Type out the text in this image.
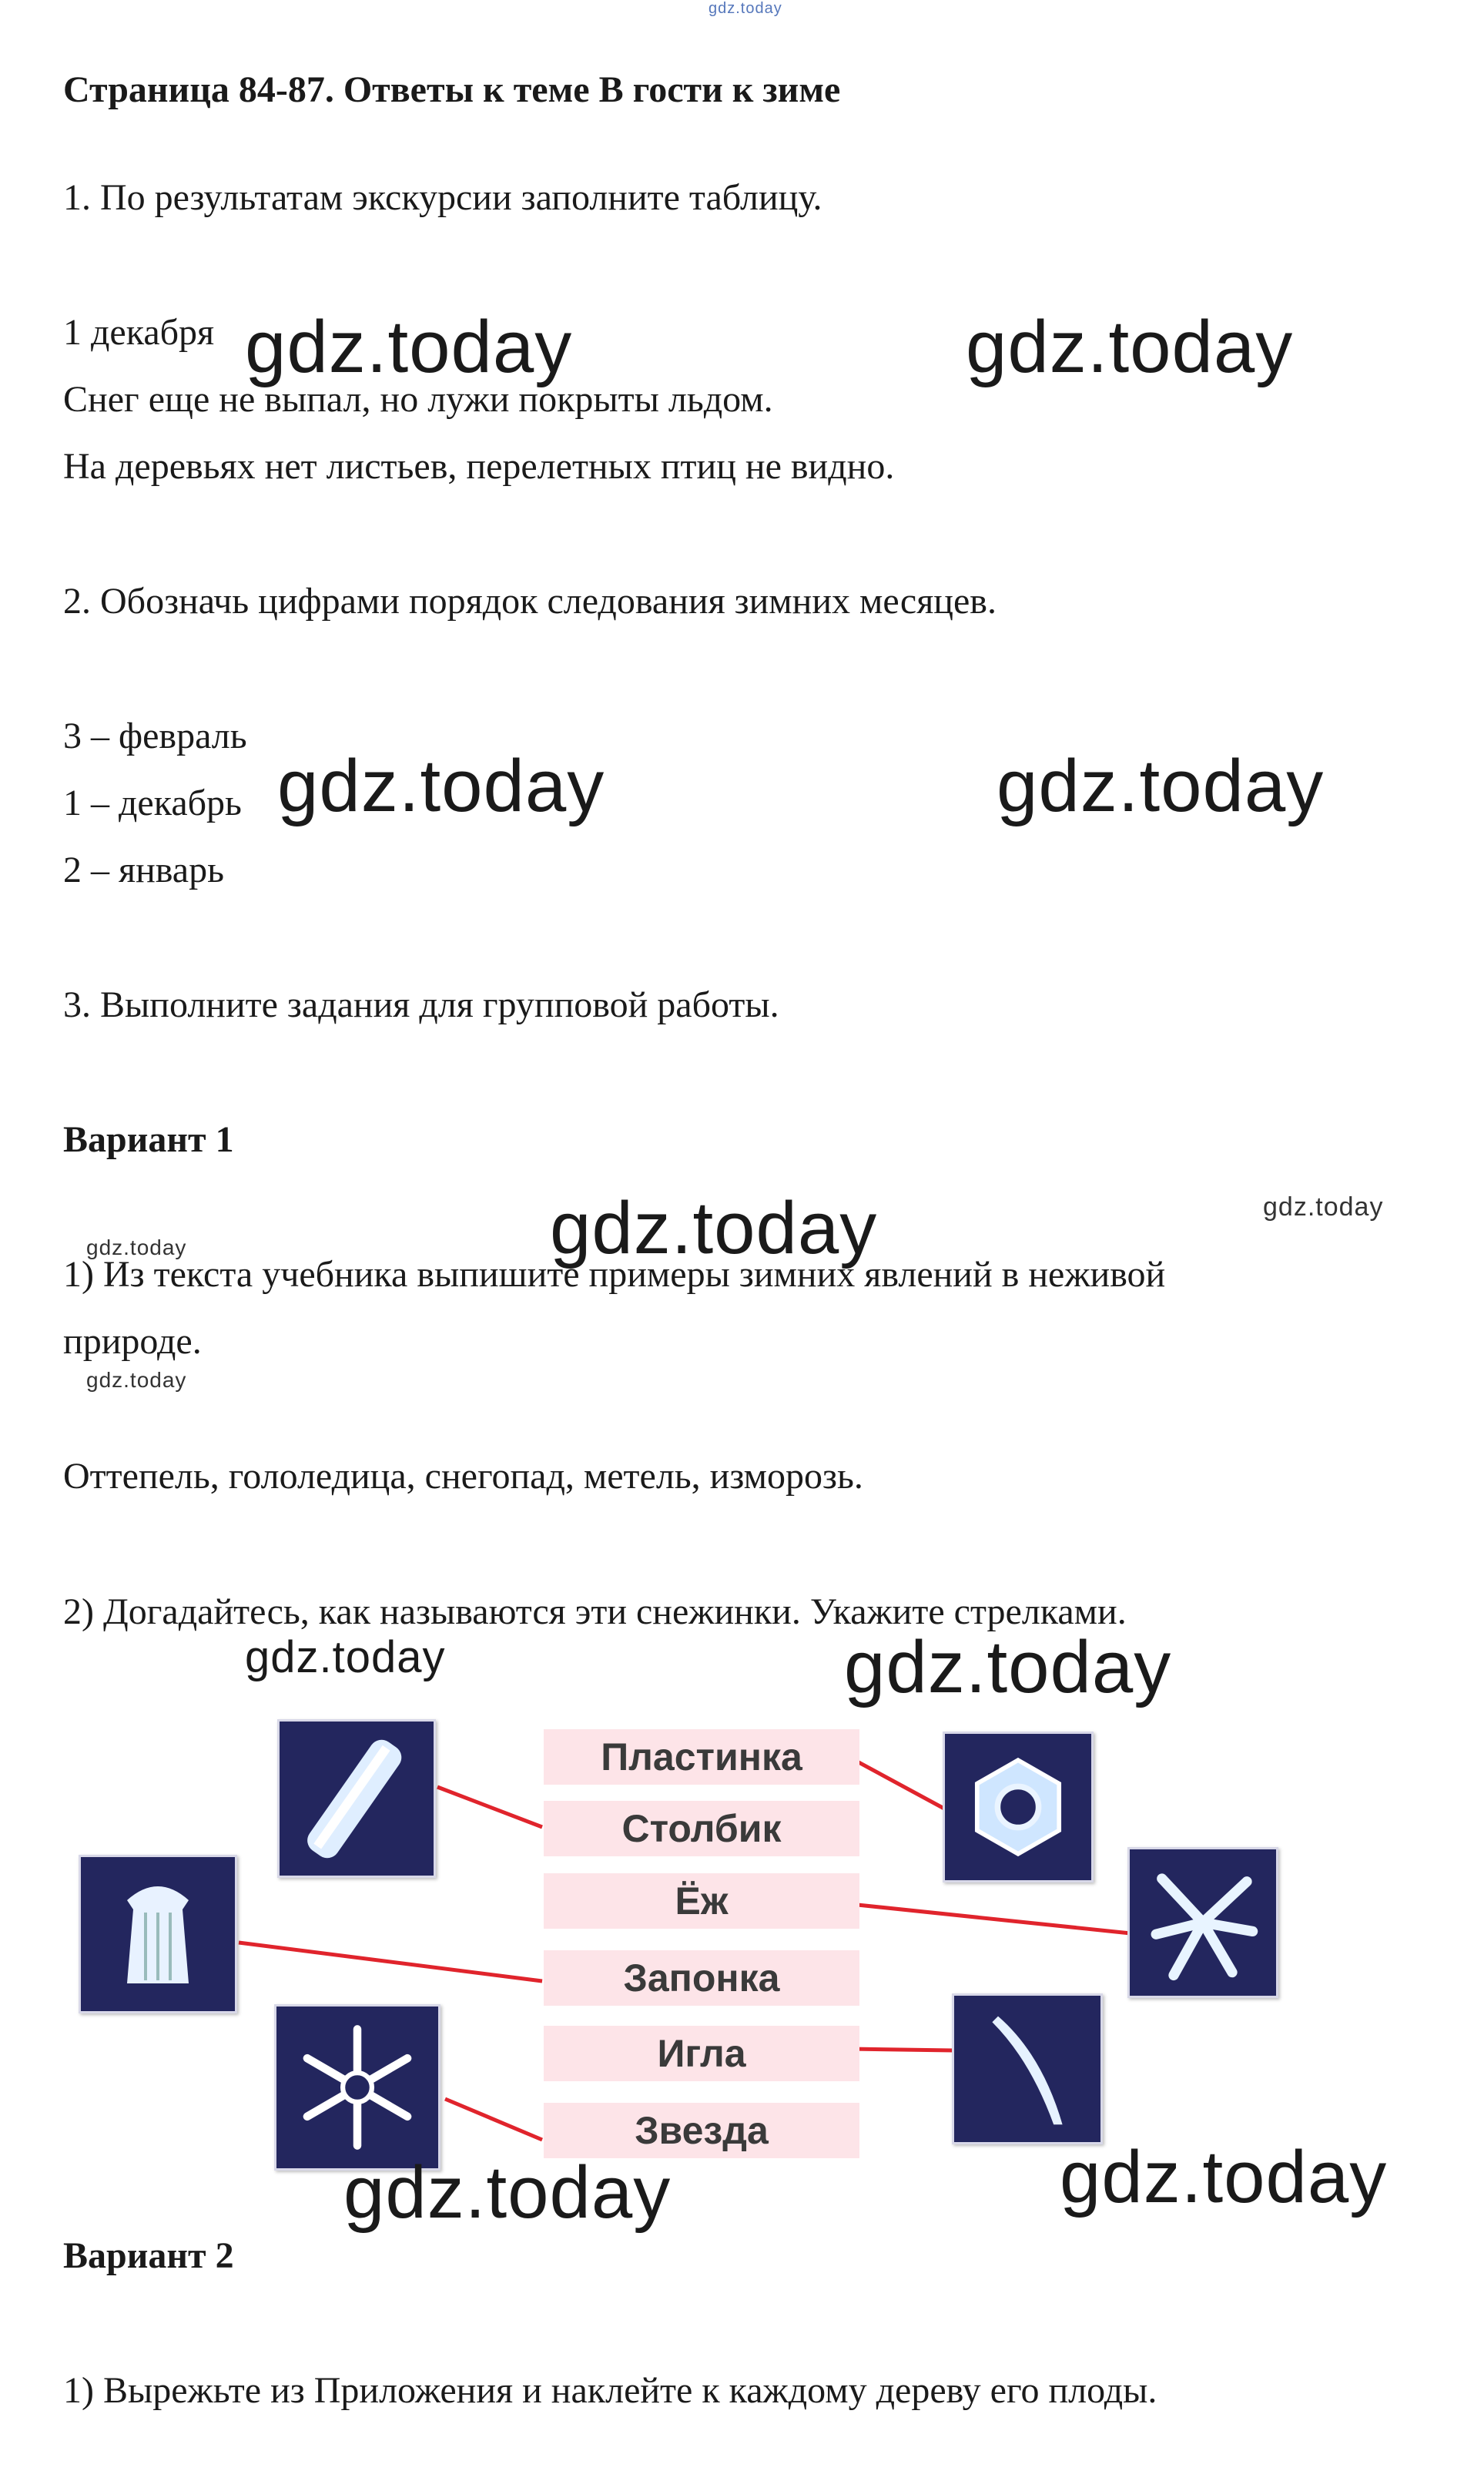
gdz.today
Страница 84-87. Ответы к теме В гости к зиме
1. По результатам экскурсии заполните таблицу.
1 декабря
Снег еще не выпал, но лужи покрыты льдом.
На деревьях нет листьев, перелетных птиц не видно.
2. Обозначь цифрами порядок следования зимних месяцев.
3 – февраль
1 – декабрь
2 – январь
3. Выполните задания для групповой работы.
Вариант 1
1) Из текста учебника выпишите примеры зимних явлений в неживой
природе.
Оттепель, гололедица, снегопад, метель, изморозь.
2) Догадайтесь, как называются эти снежинки. Укажите стрелками.
Пластинка
Столбик
Ёж
Запонка
Игла
Звезда
Вариант 2
1) Вырежьте из Приложения и наклейте к каждому дереву его плоды.
gdz.today	gdz.today
gdz.today	gdz.today
gdz.today	gdz.today
gdz.today
gdz.today
gdz.today	gdz.today
gdz.today	gdz.today
